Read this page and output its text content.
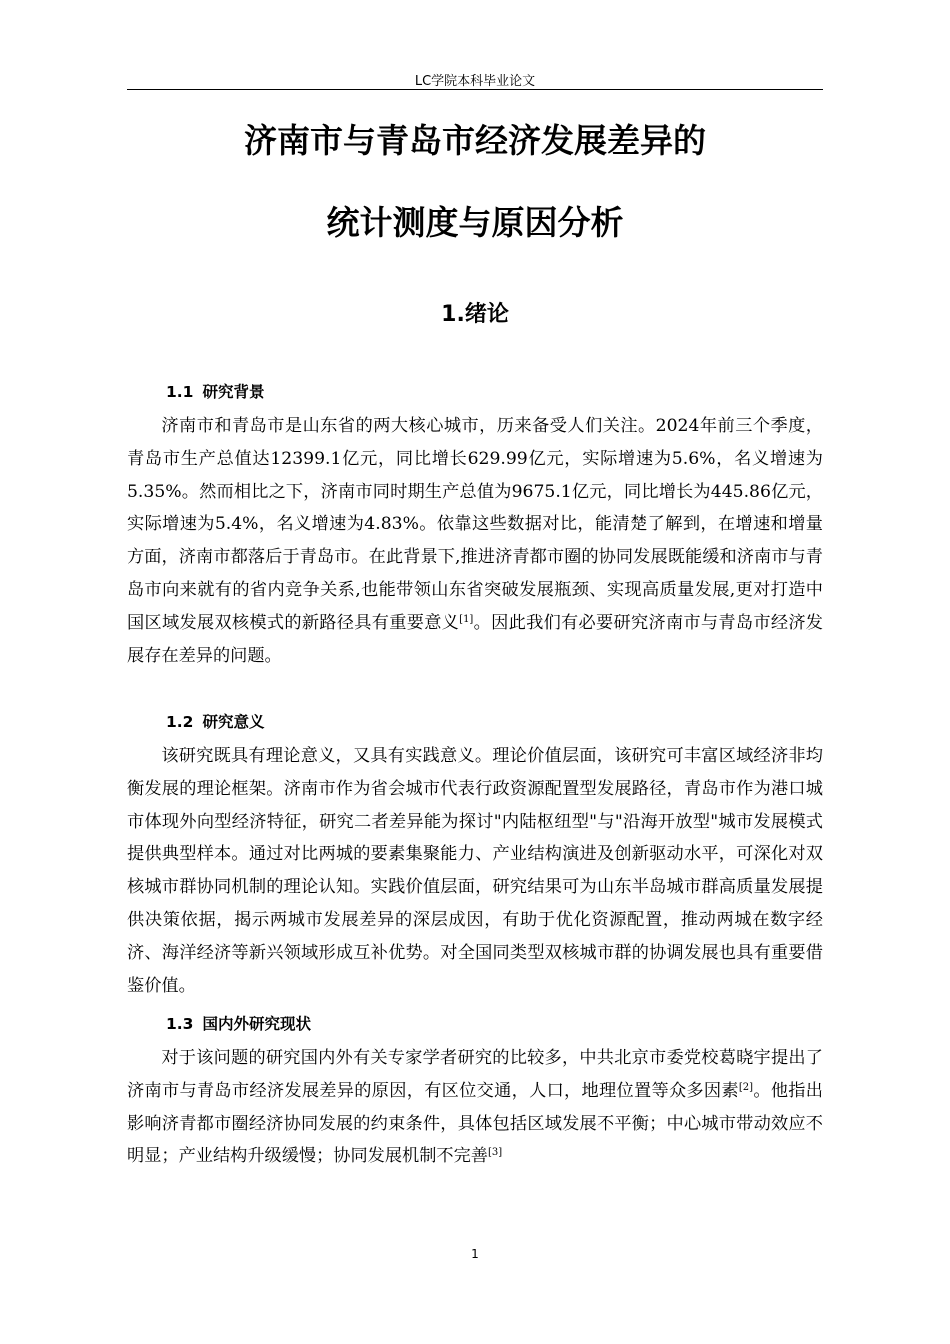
LC学院本科毕业论文
济南市与青岛市经济发展差异的
统计测度与原因分析
1.绪论
1.1 研究背景

济南市和青岛市是山东省的两大核心城市，历来备受人们关注。2024年前三个季度，青岛市生产总值达12399.1亿元，同比增长629.99亿元，实际增速为5.6%，名义增速为5.35%。然而相比之下，济南市同时期生产总值为9675.1亿元，同比增长为445.86亿元，实际增速为5.4%，名义增速为4.83%。依靠这些数据对比，能清楚了解到，在增速和增量方面，济南市都落后于青岛市。在此背景下,推进济青都市圈的协同发展既能缓和济南市与青岛市向来就有的省内竞争关系,也能带领山东省突破发展瓶颈、实现高质量发展,更对打造中国区域发展双核模式的新路径具有重要意义[1]。因此我们有必要研究济南市与青岛市经济发展存在差异的问题。

1.2 研究意义

该研究既具有理论意义，又具有实践意义。理论价值层面，该研究可丰富区域经济非均衡发展的理论框架。济南市作为省会城市代表行政资源配置型发展路径，青岛市作为港口城市体现外向型经济特征，研究二者差异能为探讨"内陆枢纽型"与"沿海开放型"城市发展模式提供典型样本。通过对比两城的要素集聚能力、产业结构演进及创新驱动水平，可深化对双核城市群协同机制的理论认知。实践价值层面，研究结果可为山东半岛城市群高质量发展提供决策依据，揭示两城市发展差异的深层成因，有助于优化资源配置，推动两城在数字经济、海洋经济等新兴领域形成互补优势。对全国同类型双核城市群的协调发展也具有重要借鉴价值。

1.3 国内外研究现状

对于该问题的研究国内外有关专家学者研究的比较多，中共北京市委党校葛晓宇提出了济南市与青岛市经济发展差异的原因，有区位交通，人口，地理位置等众多因素[2]。他指出影响济青都市圈经济协同发展的约束条件，具体包括区域发展不平衡；中心城市带动效应不明显；产业结构升级缓慢；协同发展机制不完善[3]

1
